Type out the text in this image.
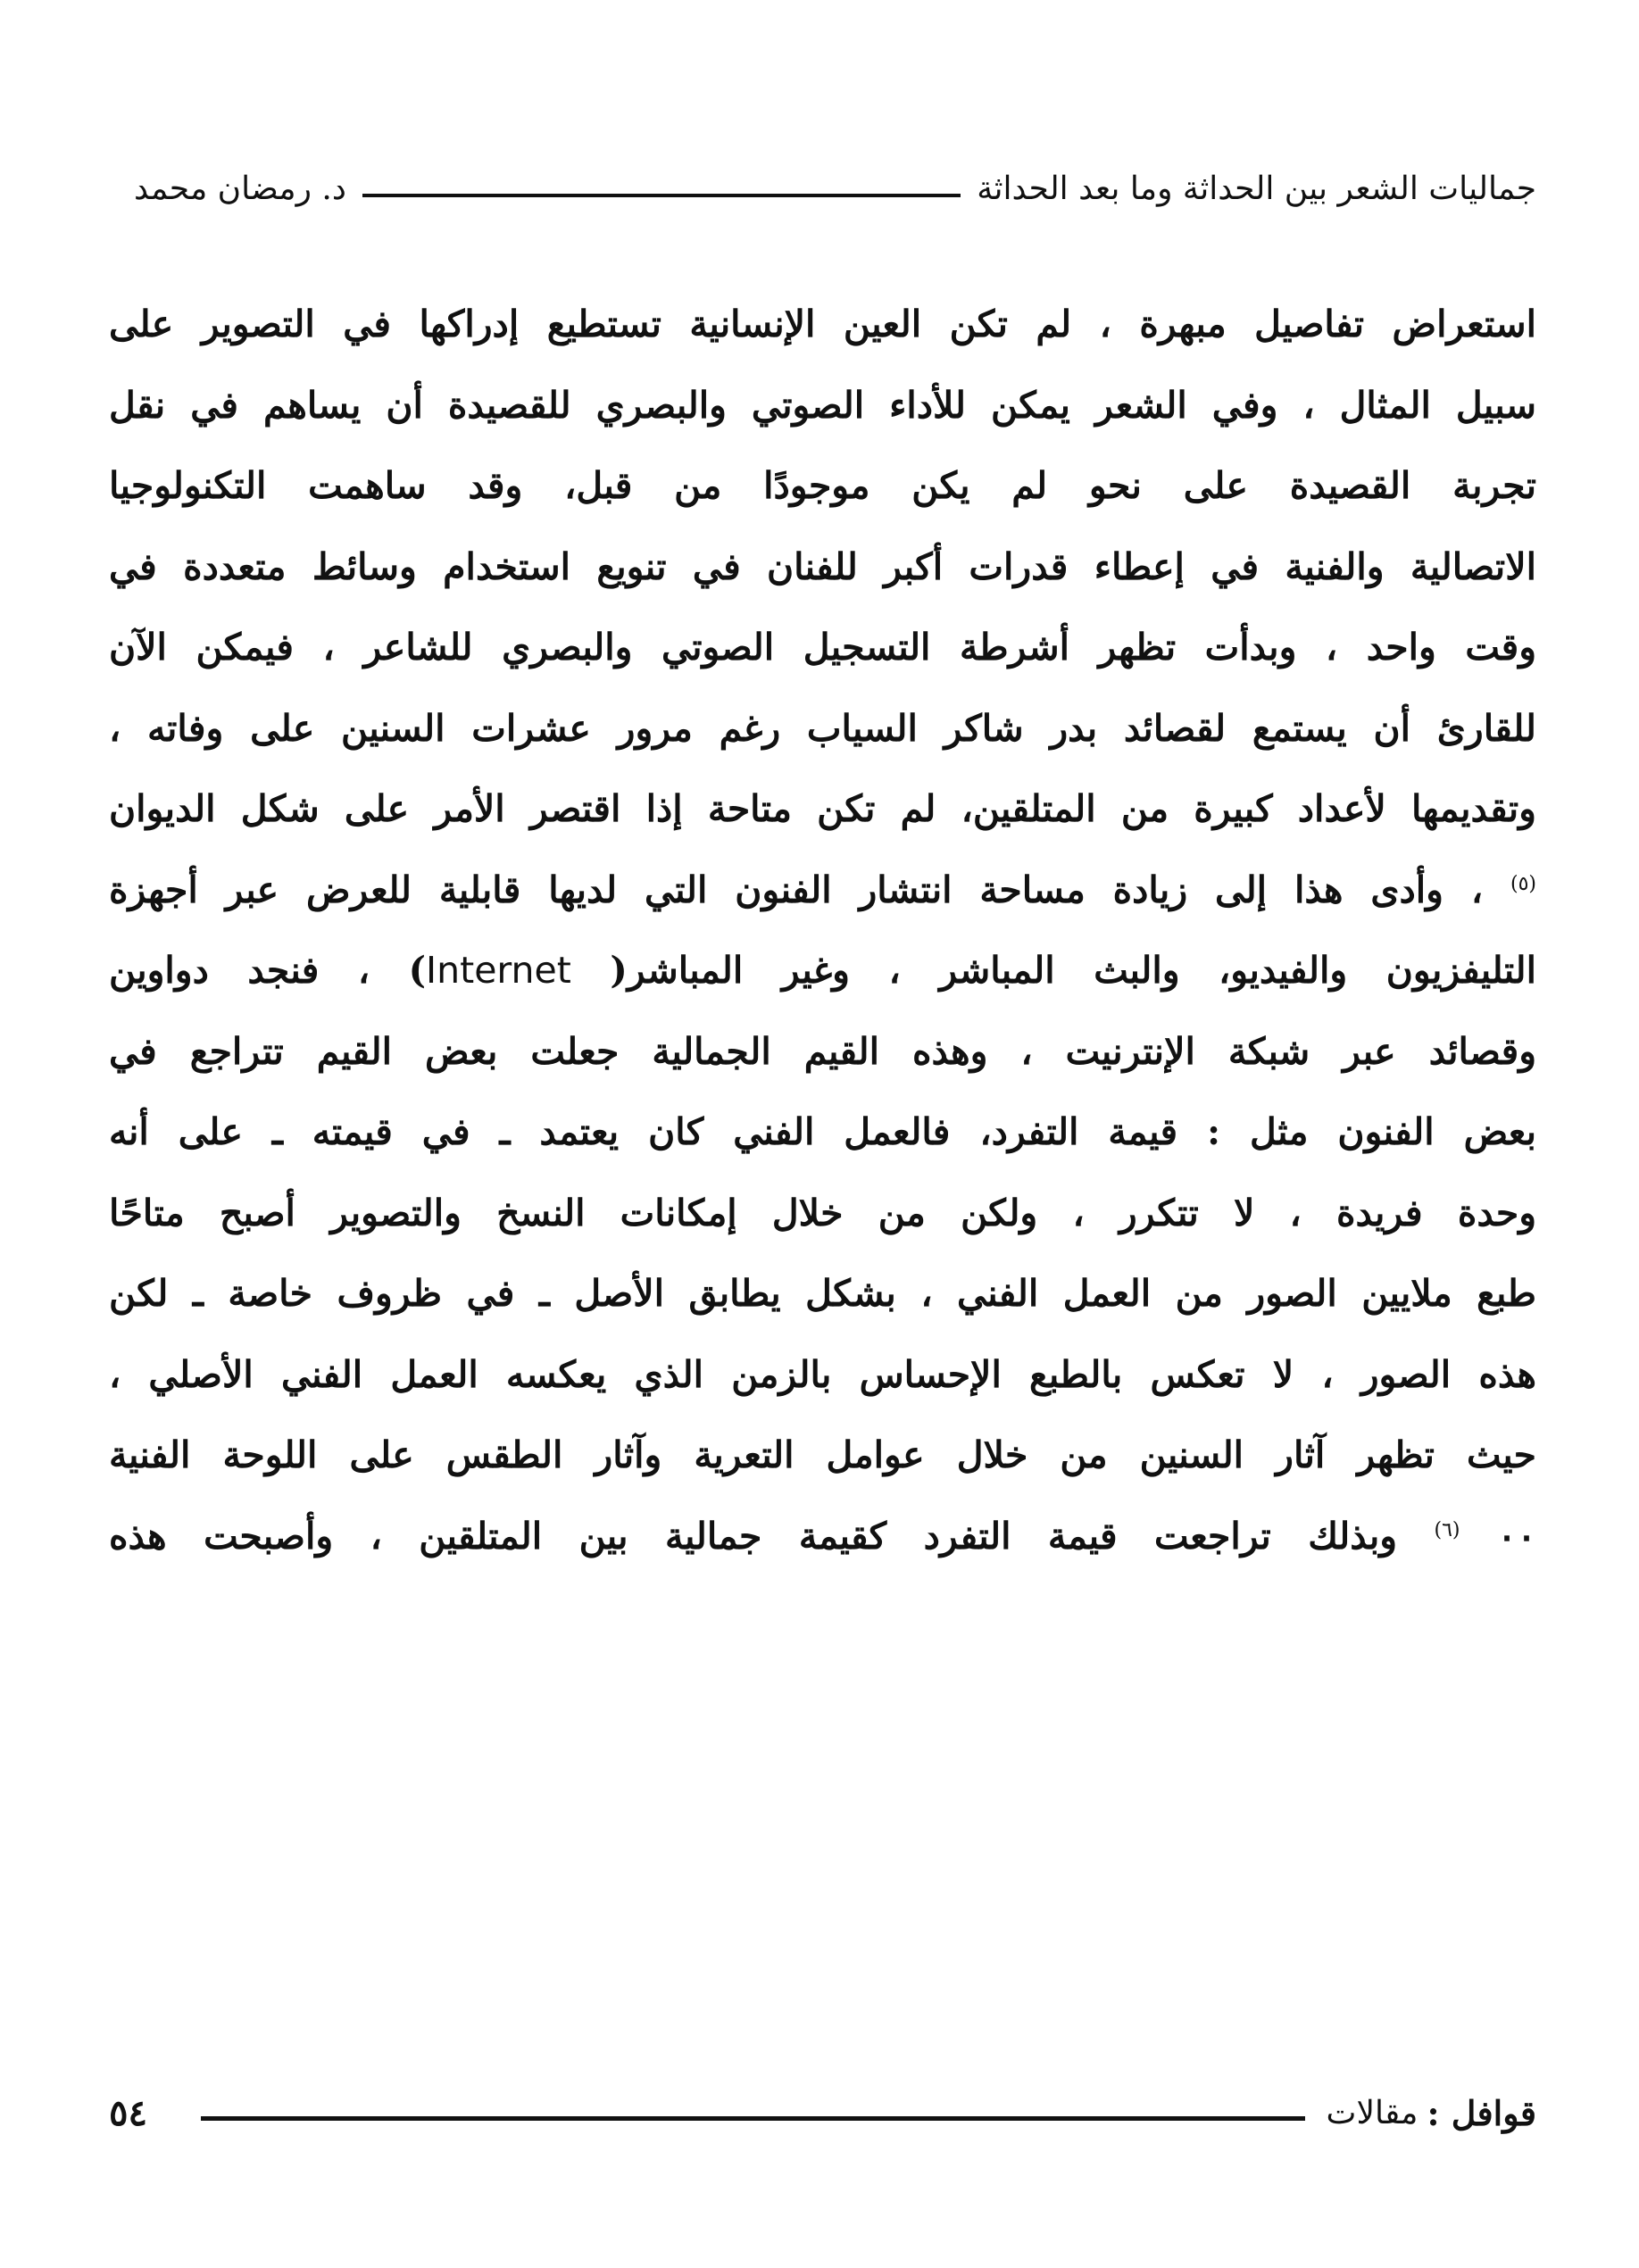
جماليات الشعر بين الحداثة وما بعد الحداثة
د. رمضان محمد
استعراض تفاصيل مبهرة ، لم تكن العين الإنسانية تستطيع إدراكها في التصوير على
سبيل المثال ، وفي الشعر يمكن للأداء الصوتي والبصري للقصيدة أن يساهم في نقل
تجربة القصيدة على نحو لم يكن موجودًا من قبل، وقد ساهمت التكنولوجيا
الاتصالية والفنية في إعطاء قدرات أكبر للفنان في تنويع استخدام وسائط متعددة في
وقت واحد ، وبدأت تظهر أشرطة التسجيل الصوتي والبصري للشاعر ، فيمكن الآن
للقارئ أن يستمع لقصائد بدر شاكر السياب رغم مرور عشرات السنين على وفاته ،
وتقديمها لأعداد كبيرة من المتلقين، لم تكن متاحة إذا اقتصر الأمر على شكل الديوان
$^{(٥)}$ ، وأدى هذا إلى زيادة مساحة انتشار الفنون التي لديها قابلية للعرض عبر أجهزة
التليفزيون والفيديو، والبث المباشر ، وغير المباشر( Internet) ، فنجد دواوين
وقصائد عبر شبكة الإنترنيت ، وهذه القيم الجمالية جعلت بعض القيم تتراجع في
بعض الفنون مثل : قيمة التفرد، فالعمل الفني كان يعتمد ـ في قيمته ـ على أنه
وحدة فريدة ، لا تتكرر ، ولكن من خلال إمكانات النسخ والتصوير أصبح متاحًا
طبع ملايين الصور من العمل الفني ، بشكل يطابق الأصل ـ في ظروف خاصة ـ لكن
هذه الصور ، لا تعكس بالطبع الإحساس بالزمن الذي يعكسه العمل الفني الأصلي ،
حيث تظهر آثار السنين من خلال عوامل التعرية وآثار الطقس على اللوحة الفنية
٠٠ $^{(٦)}$ وبذلك تراجعت قيمة التفرد كقيمة جمالية بين المتلقين ، وأصبحت هذه
قوافل :
مقالات
٥٤
